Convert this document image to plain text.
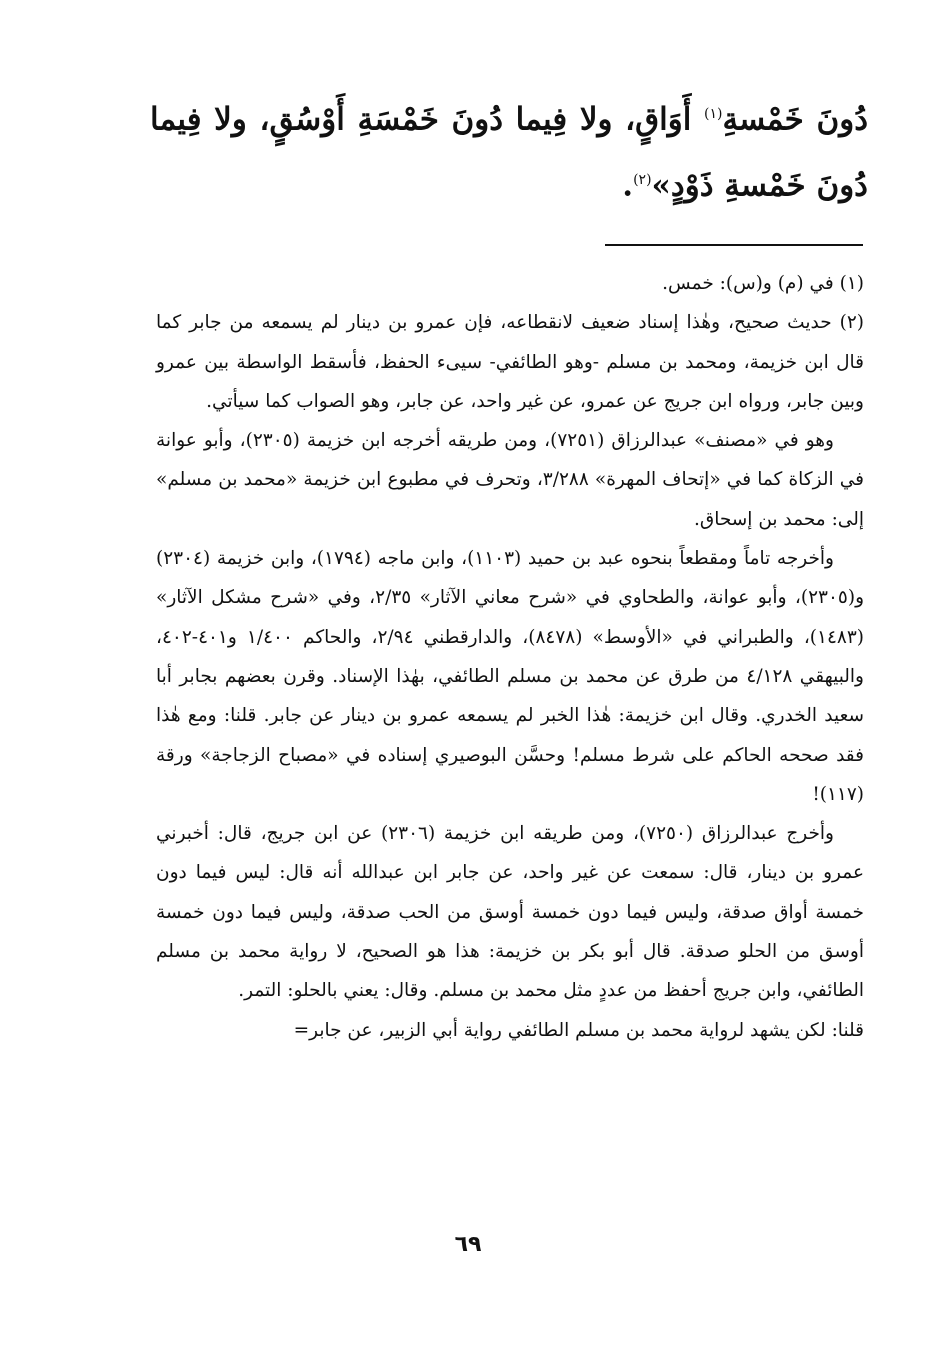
دُونَ خَمْسةِ$^{(١)}$ أَوَاقٍ، ولا فِيما دُونَ خَمْسَةِ أَوْسُقٍ، ولا فِيما دُونَ خَمْسةِ ذَوْدٍ»$^{(٢)}$.

(١) في (م) و(س): خمس.

(٢) حديث صحيح، وهٰذا إسناد ضعيف لانقطاعه، فإن عمرو بن دينار لم يسمعه من جابر كما قال ابن خزيمة، ومحمد بن مسلم -وهو الطائفي- سيىء الحفظ، فأسقط الواسطة بين عمرو وبين جابر، ورواه ابن جريج عن عمرو، عن غير واحد، عن جابر، وهو الصواب كما سيأتي.

وهو في «مصنف» عبدالرزاق (٧٢٥١)، ومن طريقه أخرجه ابن خزيمة (٢٣٠٥)، وأبو عوانة في الزكاة كما في «إتحاف المهرة» ٣/٢٨٨، وتحرف في مطبوع ابن خزيمة «محمد بن مسلم» إلى: محمد بن إسحاق.

وأخرجه تاماً ومقطعاً بنحوه عبد بن حميد (١١٠٣)، وابن ماجه (١٧٩٤)، وابن خزيمة (٢٣٠٤) و(٢٣٠٥)، وأبو عوانة، والطحاوي في «شرح معاني الآثار» ٢/٣٥، وفي «شرح مشكل الآثار» (١٤٨٣)، والطبراني في «الأوسط» (٨٤٧٨)، والدارقطني ٢/٩٤، والحاكم ١/٤٠٠ و٤٠١-٤٠٢، والبيهقي ٤/١٢٨ من طرق عن محمد بن مسلم الطائفي، بهٰذا الإسناد. وقرن بعضهم بجابر أبا سعيد الخدري. وقال ابن خزيمة: هٰذا الخبر لم يسمعه عمرو بن دينار عن جابر. قلنا: ومع هٰذا فقد صححه الحاكم على شرط مسلم! وحسَّن البوصيري إسناده في «مصباح الزجاجة» ورقة (١١٧)!

وأخرج عبدالرزاق (٧٢٥٠)، ومن طريقه ابن خزيمة (٢٣٠٦) عن ابن جريج، قال: أخبرني عمرو بن دينار، قال: سمعت عن غير واحد، عن جابر ابن عبدالله أنه قال: ليس فيما دون خمسة أواق صدقة، وليس فيما دون خمسة أوسق من الحب صدقة، وليس فيما دون خمسة أوسق من الحلو صدقة. قال أبو بكر بن خزيمة: هذا هو الصحيح، لا رواية محمد بن مسلم الطائفي، وابن جريج أحفظ من عددٍ مثل محمد بن مسلم. وقال: يعني بالحلو: التمر.

قلنا: لكن يشهد لرواية محمد بن مسلم الطائفي رواية أبي الزبير، عن جابر=

٦٩
